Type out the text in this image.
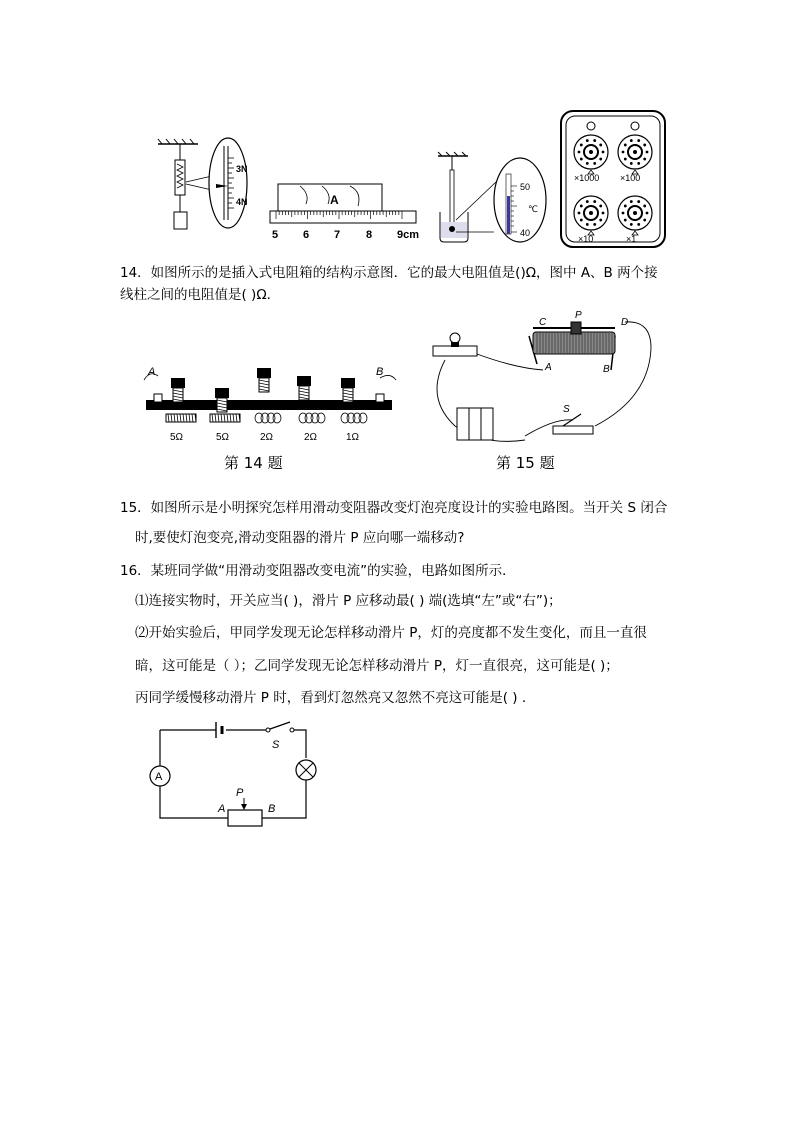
3N
4N	A
5 6 7 8 9cm
50
℃
40
×1000 ×100
×10	×1
14．如图所示的是插入式电阻箱的结构示意图．它的最大电阻值是()Ω，图中 A、B 两个接
线柱之间的电阻值是( )Ω．
A	B
5Ω	5Ω	2Ω	2Ω	1Ω
第 14 题
C
P
D
A	B
S
第 15 题
15．如图所示是小明探究怎样用滑动变阻器改变灯泡亮度设计的实验电路图。当开关 S 闭合
时,要使灯泡变亮,滑动变阻器的滑片 P 应向哪一端移动?
16．某班同学做“用滑动变阻器改变电流”的实验，电路如图所示．
⑴连接实物时，开关应当( )，滑片 P 应移动最( ) 端(选填“左”或“右”)；
⑵开始实验后，甲同学发现无论怎样移动滑片 P，灯的亮度都不发生变化，而且一直很
暗，这可能是（ ）；乙同学发现无论怎样移动滑片 P，灯一直很亮，这可能是( )；
丙同学缓慢移动滑片 P 时，看到灯忽然亮又忽然不亮这可能是( ) ．
S
A
P
A	B
